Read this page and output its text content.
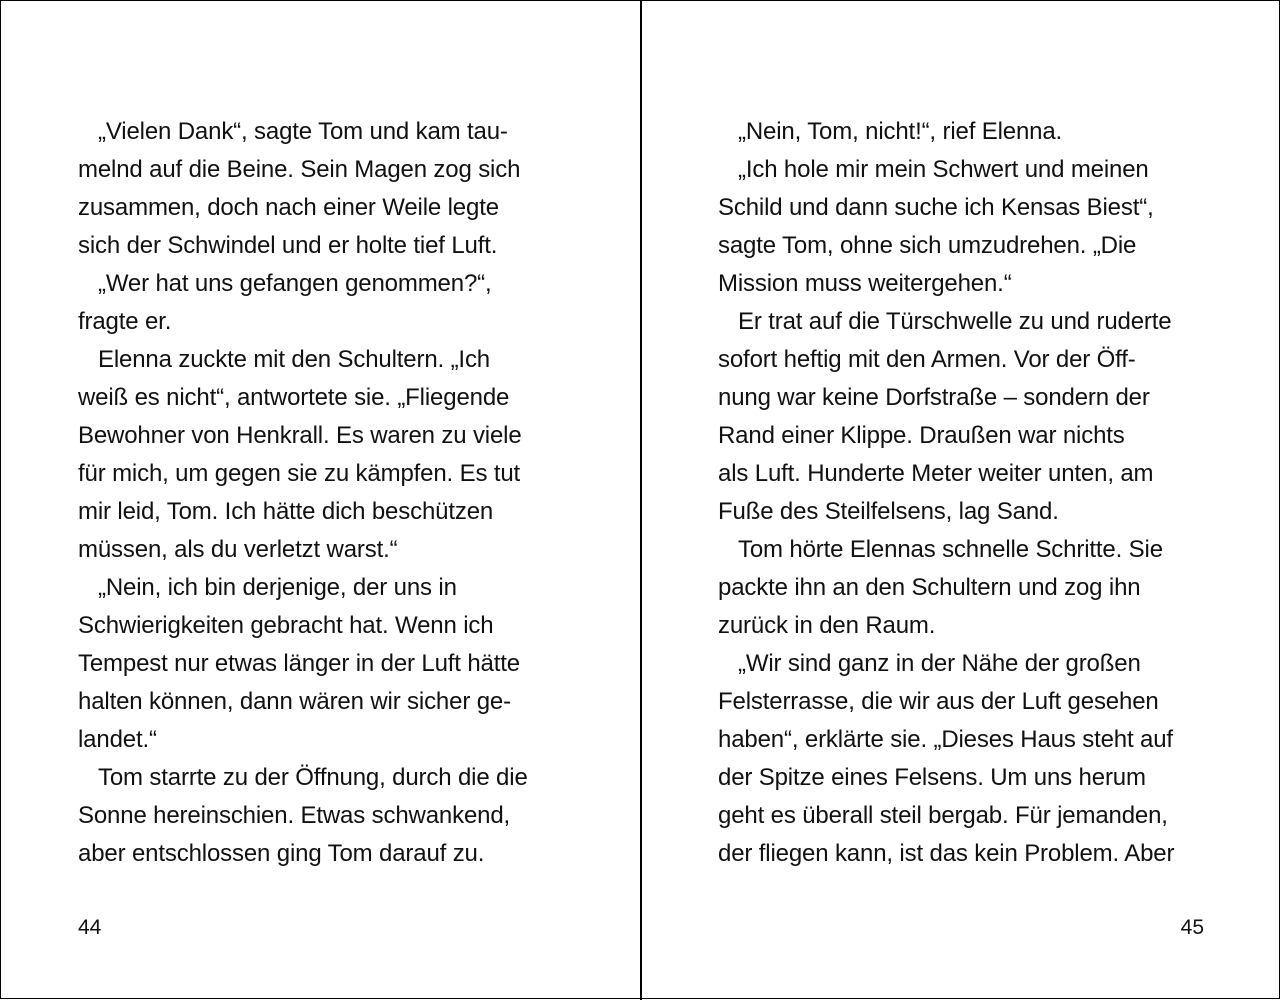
„Vielen Dank“, sagte Tom und kam tau-
melnd auf die Beine. Sein Magen zog sich
zusammen, doch nach einer Weile legte
sich der Schwindel und er holte tief Luft.
„Wer hat uns gefangen genommen?“,
fragte er.
Elenna zuckte mit den Schultern. „Ich
weiß es nicht“, antwortete sie. „Fliegende
Bewohner von Henkrall. Es waren zu viele
für mich, um gegen sie zu kämpfen. Es tut
mir leid, Tom. Ich hätte dich beschützen
müssen, als du verletzt warst.“
„Nein, ich bin derjenige, der uns in
Schwierigkeiten gebracht hat. Wenn ich
Tempest nur etwas länger in der Luft hätte
halten können, dann wären wir sicher ge-
landet.“
Tom starrte zu der Öffnung, durch die die
Sonne hereinschien. Etwas schwankend,
aber entschlossen ging Tom darauf zu.
44
„Nein, Tom, nicht!“, rief Elenna.
„Ich hole mir mein Schwert und meinen
Schild und dann suche ich Kensas Biest“,
sagte Tom, ohne sich umzudrehen. „Die
Mission muss weitergehen.“
Er trat auf die Türschwelle zu und ruderte
sofort heftig mit den Armen. Vor der Öff-
nung war keine Dorfstraße – sondern der
Rand einer Klippe. Draußen war nichts
als Luft. Hunderte Meter weiter unten, am
Fuße des Steilfelsens, lag Sand.
Tom hörte Elennas schnelle Schritte. Sie
packte ihn an den Schultern und zog ihn
zurück in den Raum.
„Wir sind ganz in der Nähe der großen
Felsterrasse, die wir aus der Luft gesehen
haben“, erklärte sie. „Dieses Haus steht auf
der Spitze eines Felsens. Um uns herum
geht es überall steil bergab. Für jemanden,
der fliegen kann, ist das kein Problem. Aber
45
